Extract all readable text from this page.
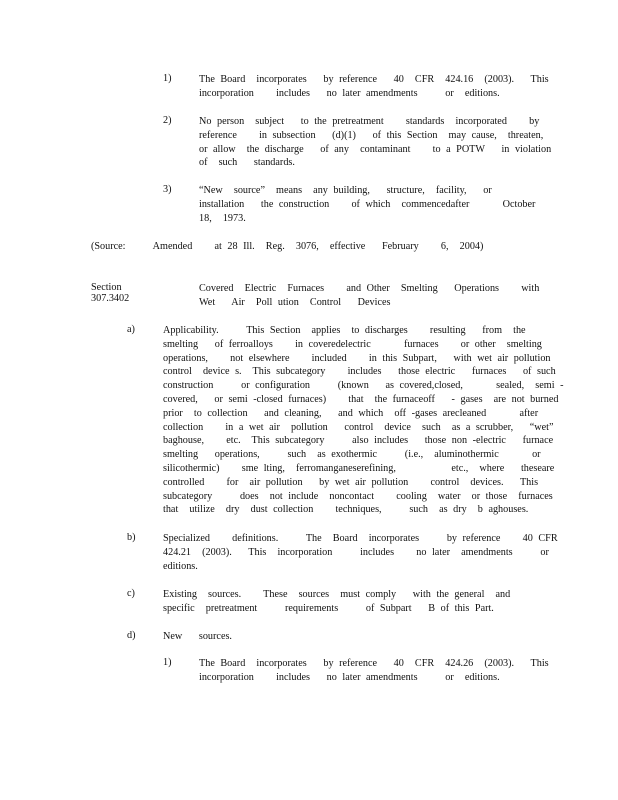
1)	The Board  incorporates   by reference   40  CFR  424.16  (2003).   This
incorporation    includes   no later amendments     or  editions.
2)	No person  subject   to the pretreatment    standards  incorporated    by
reference    in subsection   (d)(1)   of this Section  may cause,  threaten,
or allow  the discharge   of any  contaminant    to a POTW   in violation
of  such   standards.
3)	“New  source”  means  any building,   structure,  facility,   or
installation   the construction    of which  commencedafter      October
18,  1973.
(Source:     Amended    at 28 Ill.  Reg.  3076,  effective   February    6,  2004)
Section 307.3402
Covered  Electric  Furnaces    and Other  Smelting   Operations    with
Wet   Air  Poll ution  Control   Devices
a)	Applicability.     This Section  applies  to discharges    resulting   from  the
smelting   of ferroalloys    in coveredelectric      furnaces    or other  smelting
operations,    not elsewhere    included    in this Subpart,   with wet air pollution
control  device s.  This subcategory    includes   those electric   furnaces   of such
construction     or configuration     (known   as covered,closed,      sealed,  semi -
covered,   or semi -closed furnaces)    that  the furnaceoff   - gases  are not burned
prior  to collection   and cleaning,   and which  off -gases arecleaned      after
collection    in a wet air  pollution   control  device  such  as a scrubber,   “wet”
baghouse,    etc.  This subcategory     also includes   those non -electric   furnace
smelting   operations,     such  as exothermic     (i.e.,  aluminothermic      or
silicothermic)    sme lting,  ferromanganeserefining,          etc.,  where   theseare
controlled    for  air pollution   by wet air pollution    control  devices.   This
subcategory     does  not include  noncontact    cooling  water  or those  furnaces
that  utilize  dry  dust collection    techniques,     such  as dry  b aghouses.
b)	Specialized    definitions.     The  Board  incorporates     by reference    40 CFR
424.21  (2003).   This  incorporation     includes    no later  amendments     or
editions.
c)	Existing  sources.    These  sources  must comply   with the general  and
specific  pretreatment     requirements     of Subpart   B of this Part.
d)	New   sources.
1)	The Board  incorporates   by reference   40  CFR  424.26  (2003).   This
incorporation    includes   no later amendments     or  editions.
